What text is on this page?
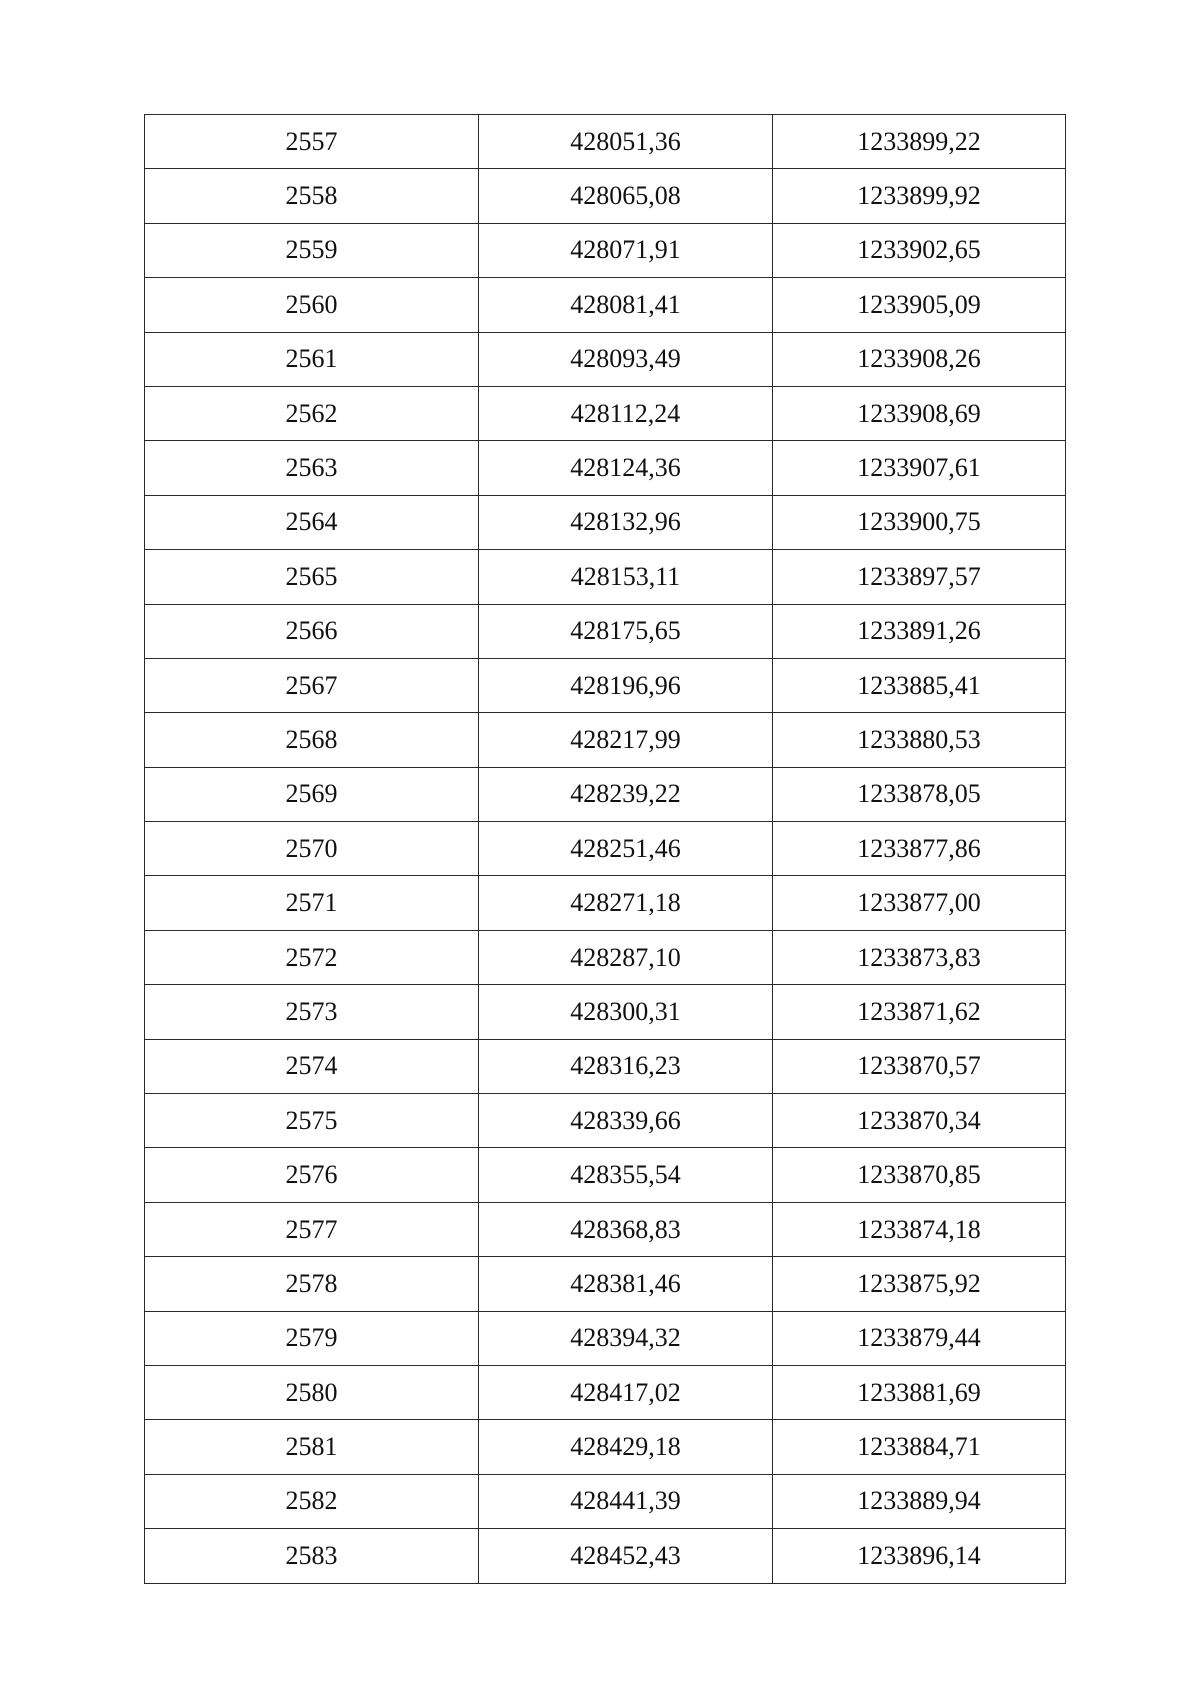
2557	428051,36	1233899,22
2558	428065,08	1233899,92
2559	428071,91	1233902,65
2560	428081,41	1233905,09
2561	428093,49	1233908,26
2562	428112,24	1233908,69
2563	428124,36	1233907,61
2564	428132,96	1233900,75
2565	428153,11	1233897,57
2566	428175,65	1233891,26
2567	428196,96	1233885,41
2568	428217,99	1233880,53
2569	428239,22	1233878,05
2570	428251,46	1233877,86
2571	428271,18	1233877,00
2572	428287,10	1233873,83
2573	428300,31	1233871,62
2574	428316,23	1233870,57
2575	428339,66	1233870,34
2576	428355,54	1233870,85
2577	428368,83	1233874,18
2578	428381,46	1233875,92
2579	428394,32	1233879,44
2580	428417,02	1233881,69
2581	428429,18	1233884,71
2582	428441,39	1233889,94
2583	428452,43	1233896,14
